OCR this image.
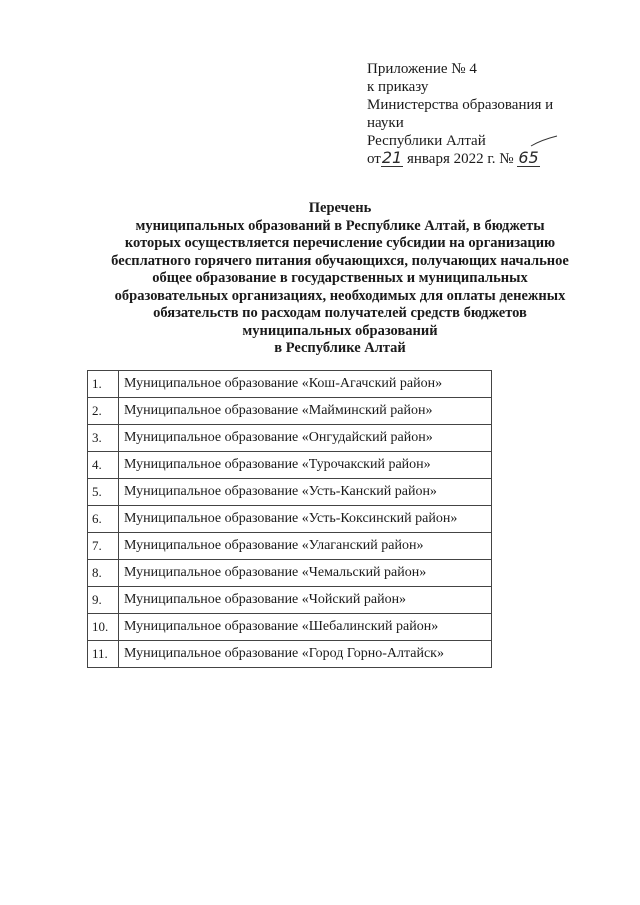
Приложение № 4
к приказу
Министерства образования и
науки
Республики Алтай
от21 января 2022 г. № 65
Перечень
муниципальных образований в Республике Алтай, в бюджеты
которых осуществляется перечисление субсидии на организацию
бесплатного горячего питания обучающихся, получающих начальное
общее образование в государственных и муниципальных
образовательных организациях, необходимых для оплаты денежных
обязательств по расходам получателей средств бюджетов
муниципальных образований
в Республике Алтай
1.	Муниципальное образование «Кош-Агачский район»
2.	Муниципальное образование «Майминский район»
3.	Муниципальное образование «Онгудайский район»
4.	Муниципальное образование «Турочакский район»
5.	Муниципальное образование «Усть-Канский район»
6.	Муниципальное образование «Усть-Коксинский район»
7.	Муниципальное образование «Улаганский район»
8.	Муниципальное образование «Чемальский район»
9.	Муниципальное образование «Чойский район»
10.	Муниципальное образование «Шебалинский район»
11.	Муниципальное образование «Город Горно-Алтайск»
